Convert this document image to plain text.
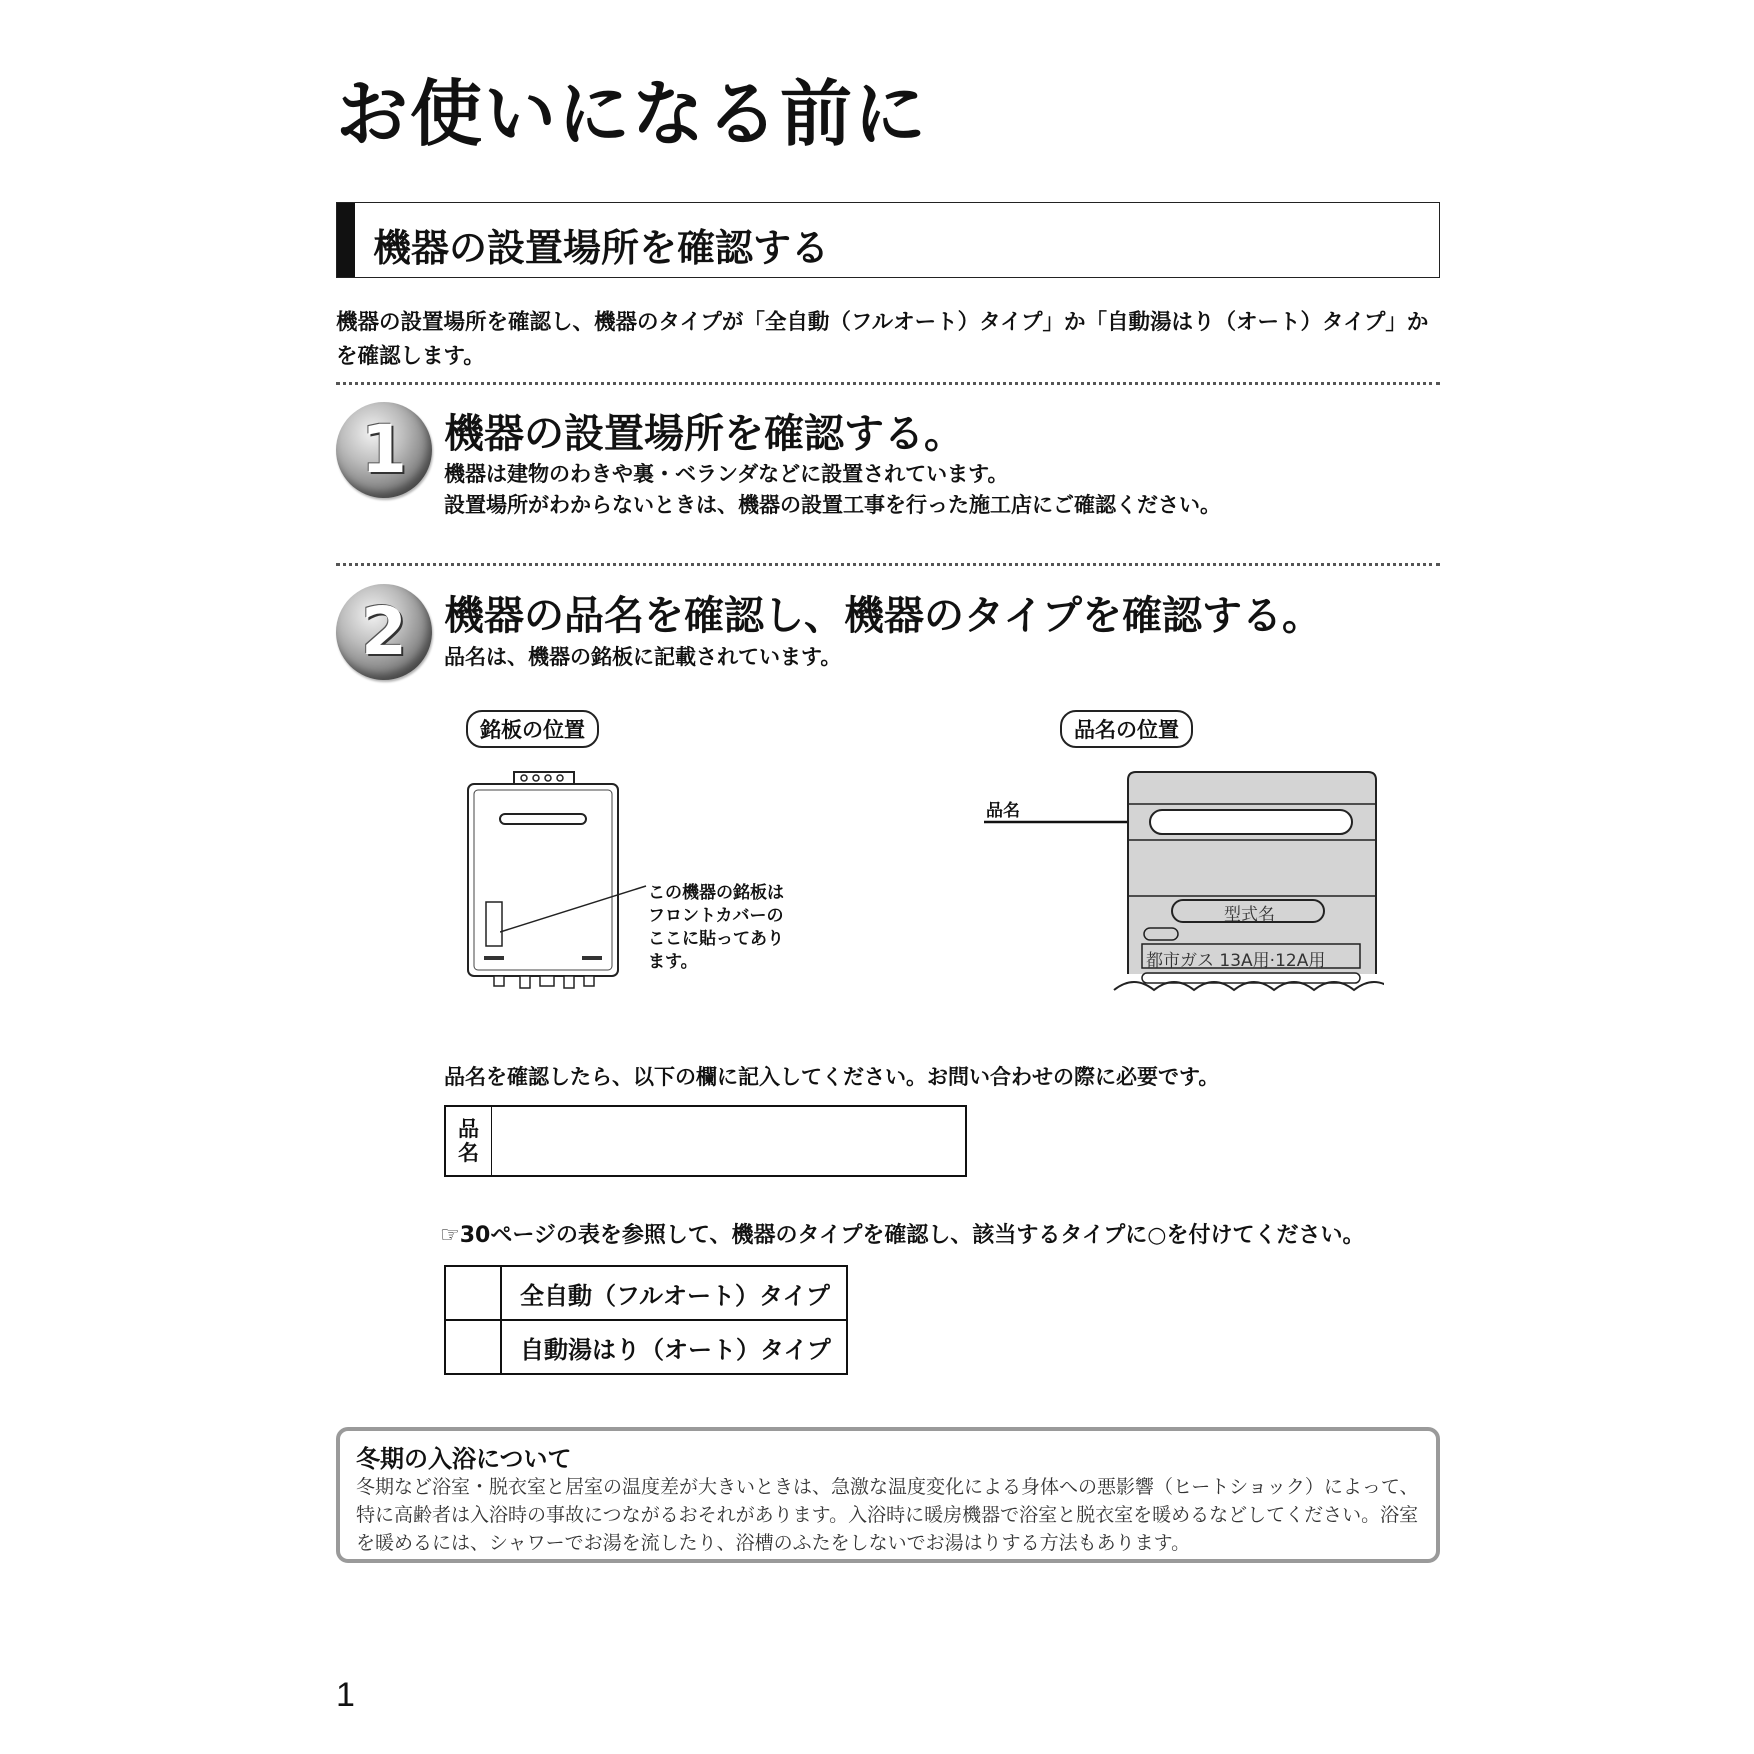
お使いになる前に
機器の設置場所を確認する
機器の設置場所を確認し、機器のタイプが「全自動（フルオート）タイプ」か「自動湯はり（オート）タイプ」かを確認します。
1 機器の設置場所を確認する。
機器は建物のわきや裏・ベランダなどに設置されています。
設置場所がわからないときは、機器の設置工事を行った施工店にご確認ください。
2 機器の品名を確認し、機器のタイプを確認する。
品名は、機器の銘板に記載されています。
銘板の位置	品名の位置
この機器の銘板は
フロントカバーの
ここに貼ってあり
ます。
品名
型式名
都市ガス 13A用·12A用
品名を確認したら、以下の欄に記入してください。お問い合わせの際に必要です。
品
名
☞30ページの表を参照して、機器のタイプを確認し、該当するタイプに○を付けてください。
	全自動（フルオート）タイプ
	自動湯はり（オート）タイプ
冬期の入浴について
冬期など浴室・脱衣室と居室の温度差が大きいときは、急激な温度変化による身体への悪影響（ヒートショック）によって、特に高齢者は入浴時の事故につながるおそれがあります。入浴時に暖房機器で浴室と脱衣室を暖めるなどしてください。浴室を暖めるには、シャワーでお湯を流したり、浴槽のふたをしないでお湯はりする方法もあります。
1
